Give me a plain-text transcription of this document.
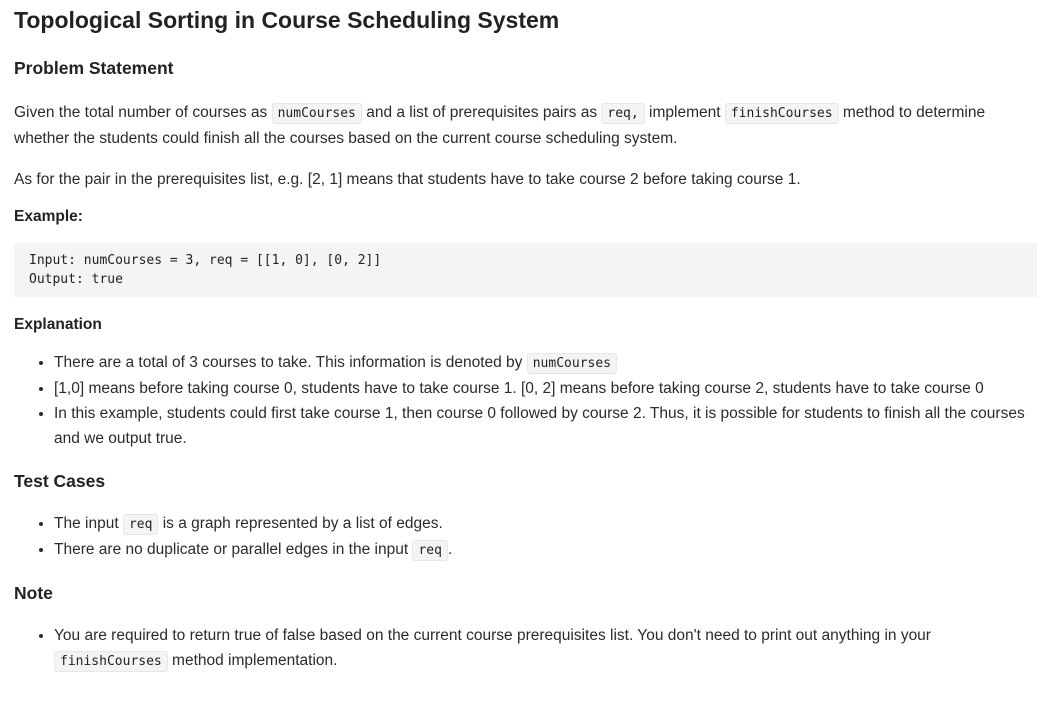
Topological Sorting in Course Scheduling System
Problem Statement

Given the total number of courses as numCourses and a list of prerequisites pairs as req, implement finishCourses method to determine whether the students could finish all the courses based on the current course scheduling system.

As for the pair in the prerequisites list, e.g. [2, 1] means that students have to take course 2 before taking course 1.

Example:
Input: numCourses = 3, req = [[1, 0], [0, 2]]
Output: true
Explanation
• There are a total of 3 courses to take. This information is denoted by numCourses
• [1,0] means before taking course 0, students have to take course 1. [0, 2] means before taking course 2, students have to take course 0
• In this example, students could first take course 1, then course 0 followed by course 2. Thus, it is possible for students to finish all the courses and we output true.
Test Cases
• The input req is a graph represented by a list of edges.
• There are no duplicate or parallel edges in the input req .
Note
• You are required to return true of false based on the current course prerequisites list. You don't need to print out anything in your finishCourses method implementation.
